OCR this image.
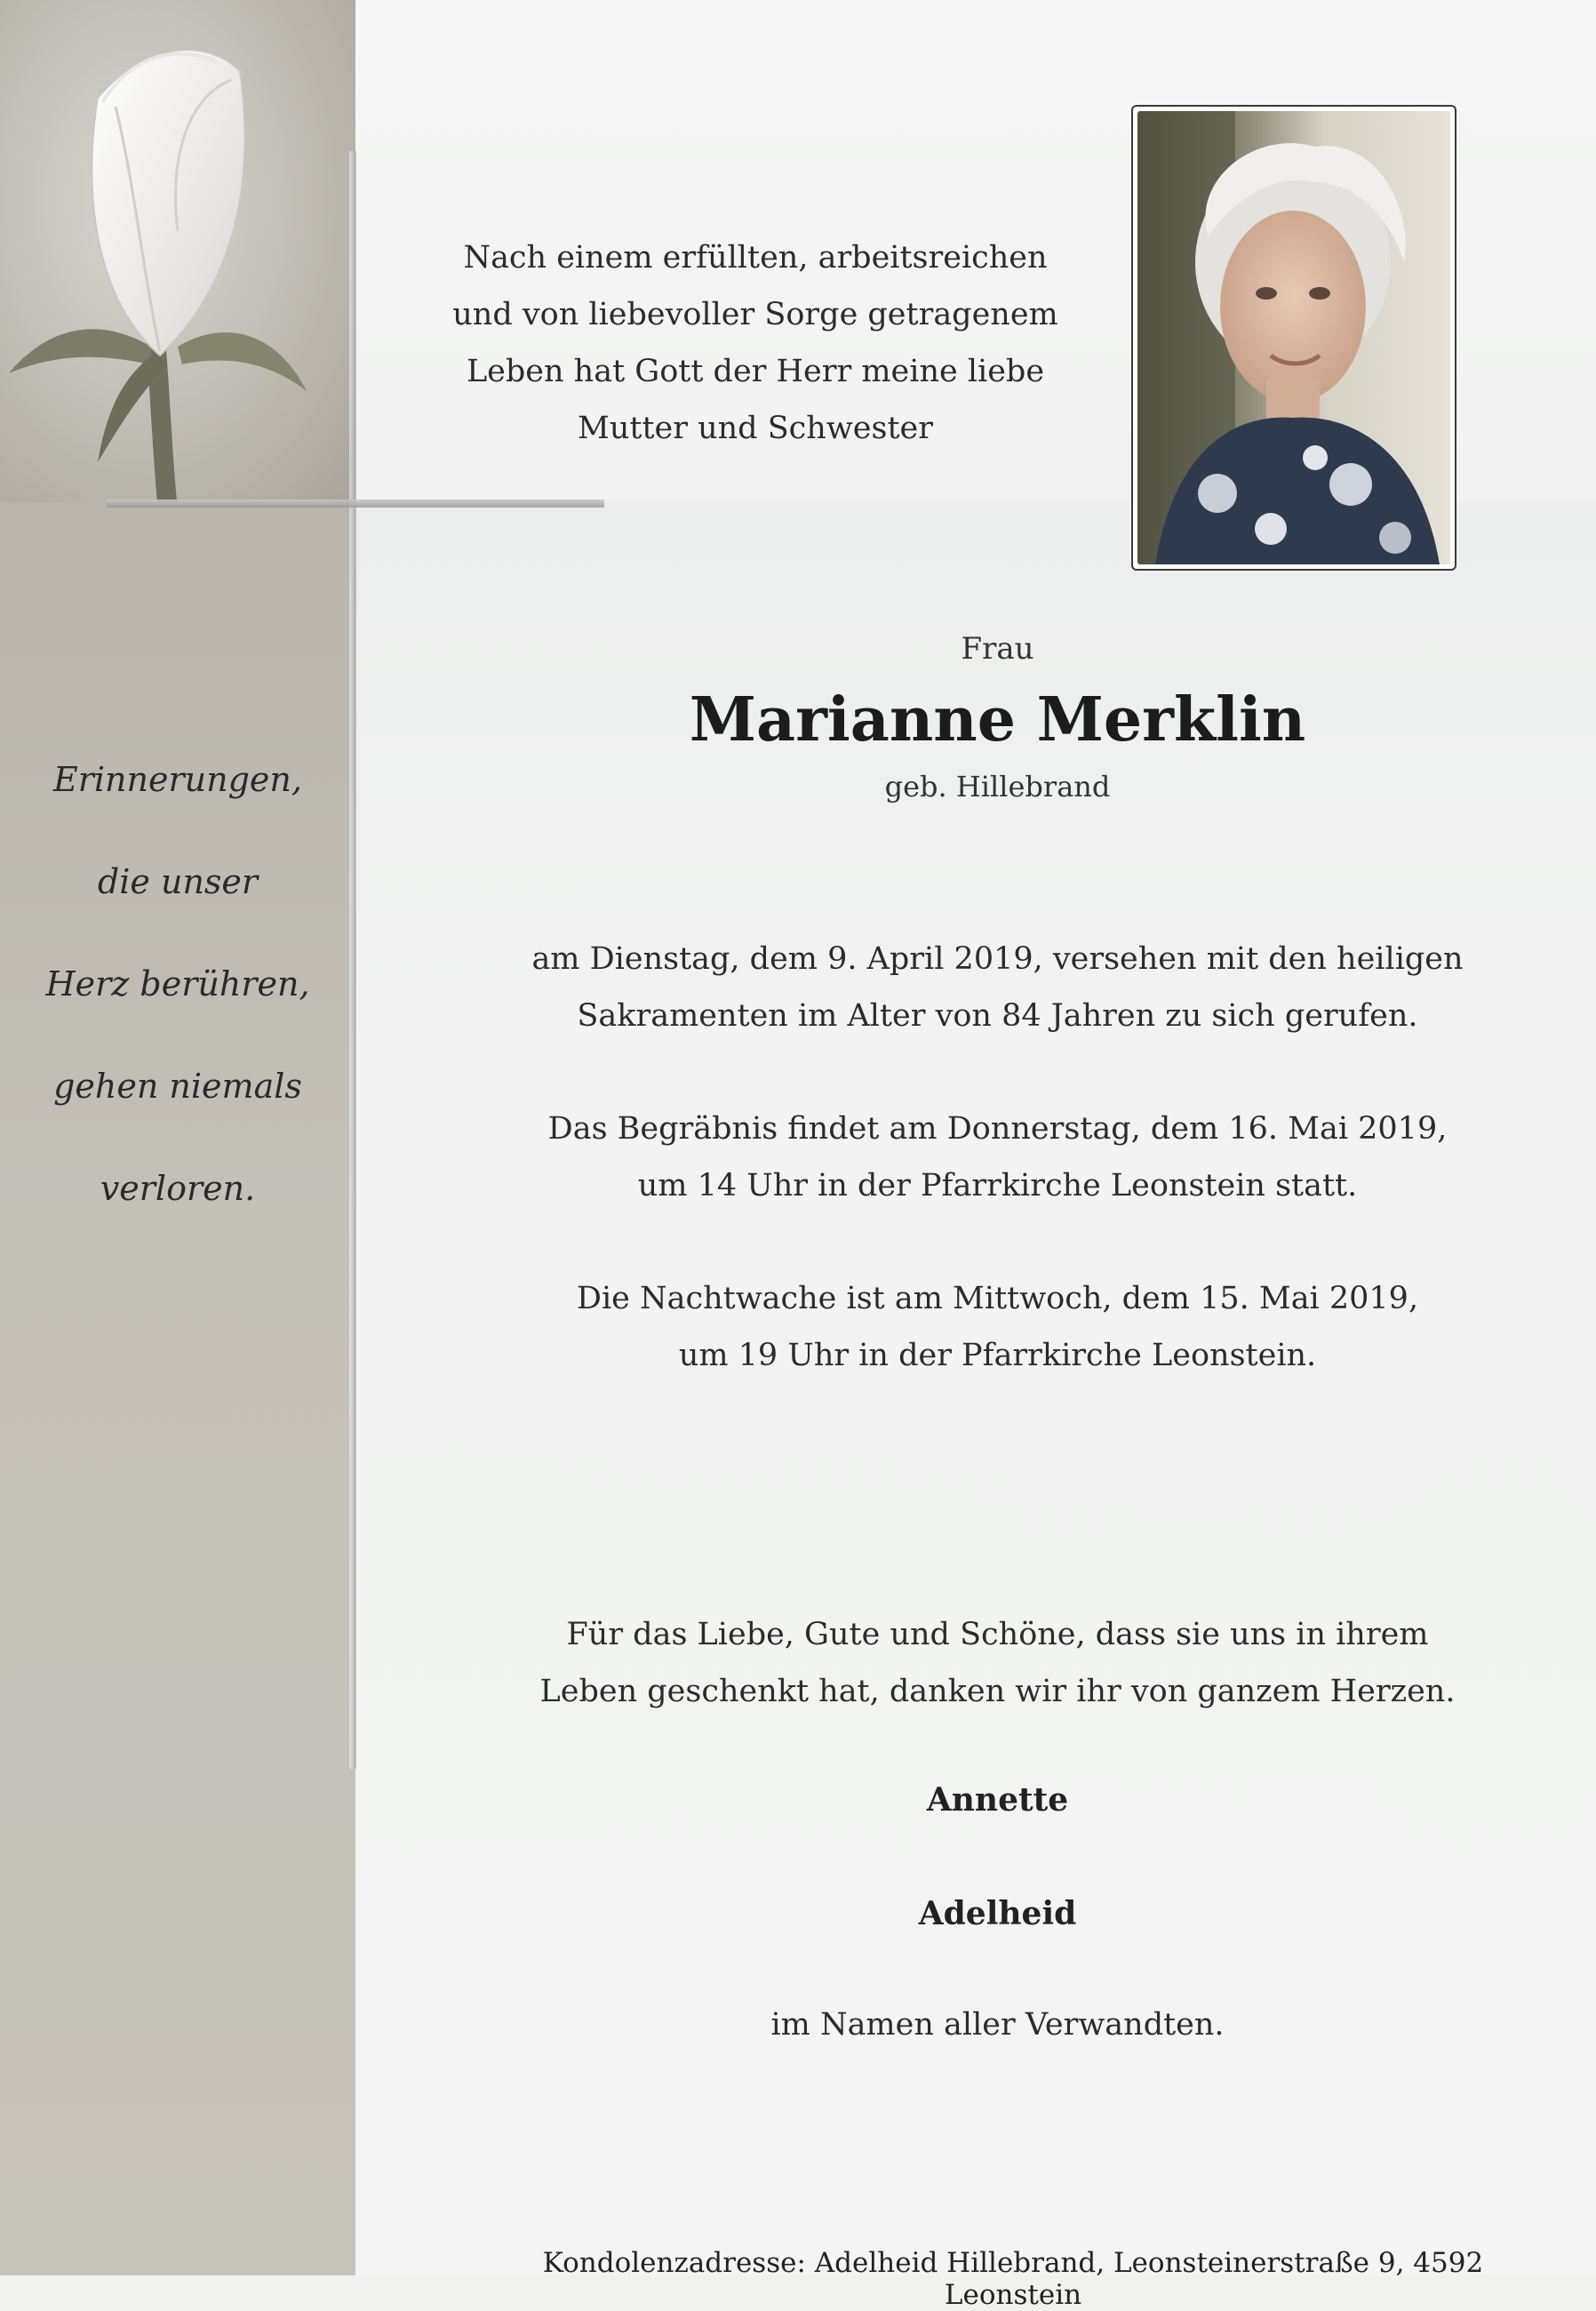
Erinnerungen,
die unser
Herz berühren,
gehen niemals
verloren.
Nach einem erfüllten, arbeitsreichen
und von liebevoller Sorge getragenem
Leben hat Gott der Herr meine liebe
Mutter und Schwester
Frau
Marianne Merklin
geb. Hillebrand
am Dienstag, dem 9. April 2019, versehen mit den heiligen
Sakramenten im Alter von 84 Jahren zu sich gerufen.
Das Begräbnis findet am Donnerstag, dem 16. Mai 2019,
um 14 Uhr in der Pfarrkirche Leonstein statt.
Die Nachtwache ist am Mittwoch, dem 15. Mai 2019,
um 19 Uhr in der Pfarrkirche Leonstein.
Für das Liebe, Gute und Schöne, dass sie uns in ihrem
Leben geschenkt hat, danken wir ihr von ganzem Herzen.
Annette
Adelheid
im Namen aller Verwandten.
Kondolenzadresse: Adelheid Hillebrand, Leonsteinerstraße 9, 4592 Leonstein
